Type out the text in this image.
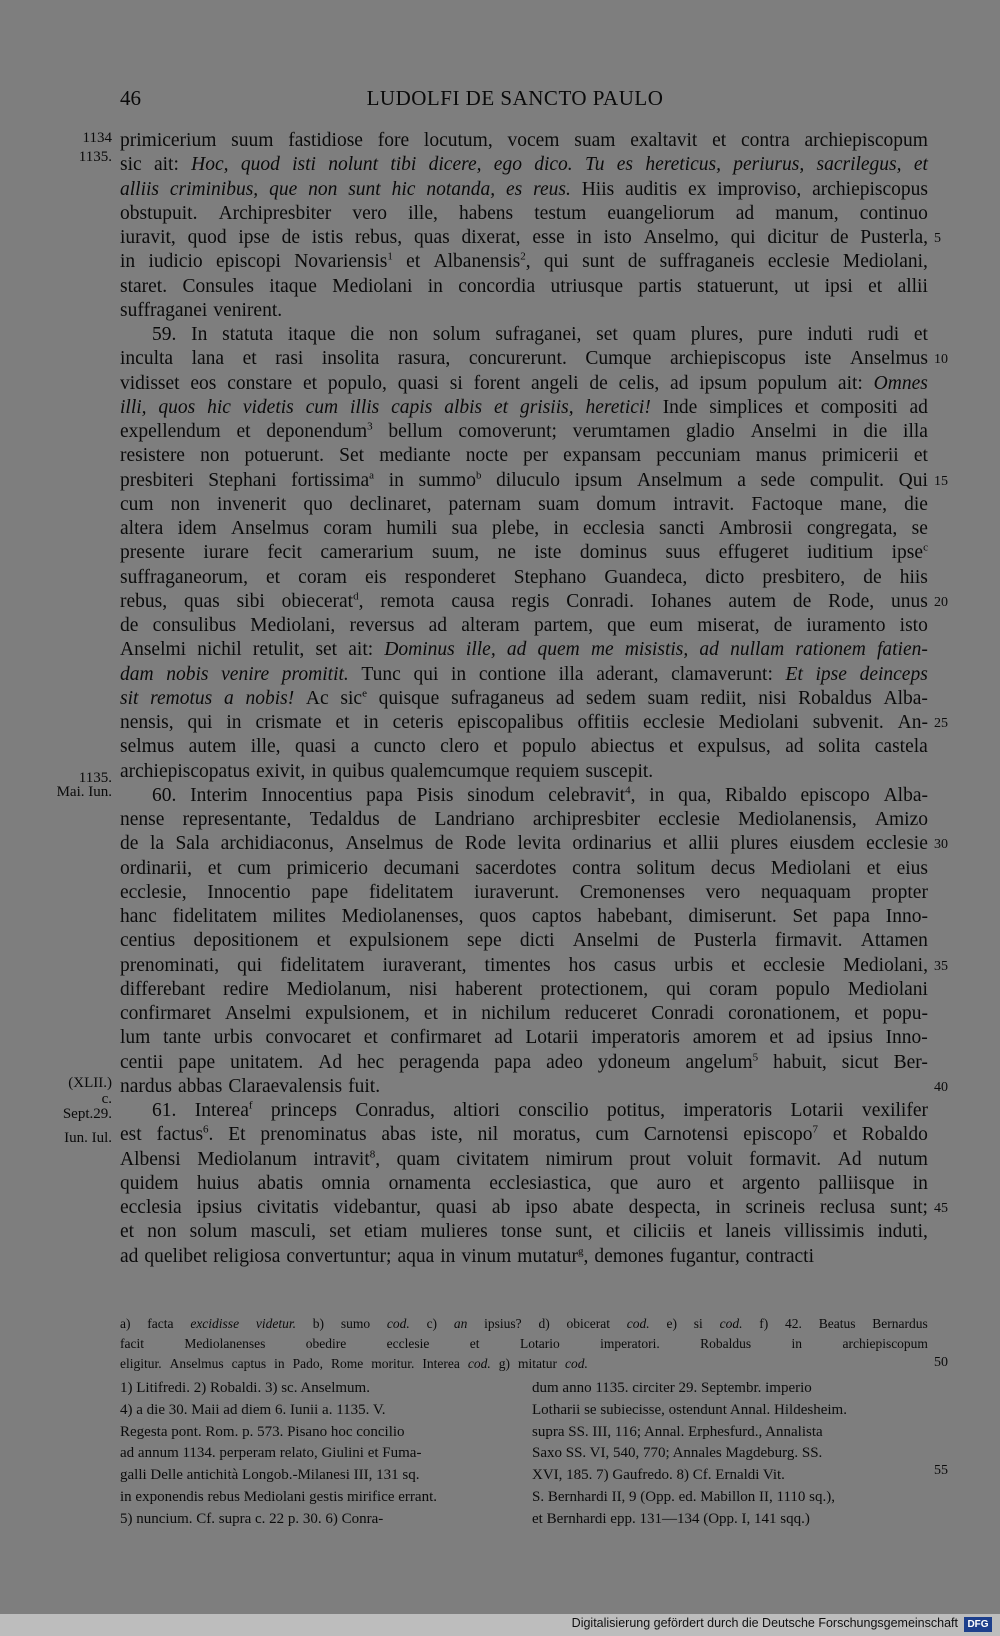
46	LUDOLFI DE SANCTO PAULO
primicerium suum fastidiose fore locutum, vocem suam exaltavit et contra archiepiscopum
sic ait: Hoc, quod isti nolunt tibi dicere, ego dico. Tu es hereticus, periurus, sacrilegus, et
alliis criminibus, que non sunt hic notanda, es reus. Hiis auditis ex improviso, archiepiscopus
obstupuit. Archipresbiter vero ille, habens testum euangeliorum ad manum, continuo
iuravit, quod ipse de istis rebus, quas dixerat, esse in isto Anselmo, qui dicitur de Pusterla,
in iudicio episcopi Novariensis$^1$ et Albanensis$^2$, qui sunt de suffraganeis ecclesie Mediolani,
staret. Consules itaque Mediolani in concordia utriusque partis statuerunt, ut ipsi et allii
suffraganei venirent.
59. In statuta itaque die non solum sufraganei, set quam plures, pure induti rudi et
inculta lana et rasi insolita rasura, concurerunt. Cumque archiepiscopus iste Anselmus
vidisset eos constare et populo, quasi si forent angeli de celis, ad ipsum populum ait: Omnes
illi, quos hic videtis cum illis capis albis et grisiis, heretici! Inde simplices et compositi ad
expellendum et deponendum$^3$ bellum comoverunt; verumtamen gladio Anselmi in die illa
resistere non potuerunt. Set mediante nocte per expansam peccuniam manus primicerii et
presbiteri Stephani fortissima$^a$ in summo$^b$ diluculo ipsum Anselmum a sede compulit. Qui
cum non invenerit quo declinaret, paternam suam domum intravit. Factoque mane, die
altera idem Anselmus coram humili sua plebe, in ecclesia sancti Ambrosii congregata, se
presente iurare fecit camerarium suum, ne iste dominus suus effugeret iuditium ipse$^c$
suffraganeorum, et coram eis responderet Stephano Guandeca, dicto presbitero, de hiis
rebus, quas sibi obiecerat$^d$, remota causa regis Conradi. Iohanes autem de Rode, unus
de consulibus Mediolani, reversus ad alteram partem, que eum miserat, de iuramento isto
Anselmi nichil retulit, set ait: Dominus ille, ad quem me misistis, ad nullam rationem fatien-
dam nobis venire promitit. Tunc qui in contione illa aderant, clamaverunt: Et ipse deinceps
sit remotus a nobis! Ac sic$^e$ quisque sufraganeus ad sedem suam rediit, nisi Robaldus Alba-
nensis, qui in crismate et in ceteris episcopalibus offitiis ecclesie Mediolani subvenit. An-
selmus autem ille, quasi a cuncto clero et populo abiectus et expulsus, ad solita castela
archiepiscopatus exivit, in quibus qualemcumque requiem suscepit.
60. Interim Innocentius papa Pisis sinodum celebravit$^4$, in qua, Ribaldo episcopo Alba-
nense representante, Tedaldus de Landriano archipresbiter ecclesie Mediolanensis, Amizo
de la Sala archidiaconus, Anselmus de Rode levita ordinarius et allii plures eiusdem ecclesie
ordinarii, et cum primicerio decumani sacerdotes contra solitum decus Mediolani et eius
ecclesie, Innocentio pape fidelitatem iuraverunt. Cremonenses vero nequaquam propter
hanc fidelitatem milites Mediolanenses, quos captos habebant, dimiserunt. Set papa Inno-
centius depositionem et expulsionem sepe dicti Anselmi de Pusterla firmavit. Attamen
prenominati, qui fidelitatem iuraverant, timentes hos casus urbis et ecclesie Mediolani,
differebant redire Mediolanum, nisi haberent protectionem, qui coram populo Mediolani
confirmaret Anselmi expulsionem, et in nichilum reduceret Conradi coronationem, et popu-
lum tante urbis convocaret et confirmaret ad Lotarii imperatoris amorem et ad ipsius Inno-
centii pape unitatem. Ad hec peragenda papa adeo ydoneum angelum$^5$ habuit, sicut Ber-
nardus abbas Claraevalensis fuit.
61. Interea$^f$ princeps Conradus, altiori conscilio potitus, imperatoris Lotarii vexilifer
est factus$^6$. Et prenominatus abas iste, nil moratus, cum Carnotensi episcopo$^7$ et Robaldo
Albensi Mediolanum intravit$^8$, quam civitatem nimirum prout voluit formavit. Ad nutum
quidem huius abatis omnia ornamenta ecclesiastica, que auro et argento palliisque in
ecclesia ipsius civitatis videbantur, quasi ab ipso abate despecta, in scrineis reclusa sunt;
et non solum masculi, set etiam mulieres tonse sunt, et ciliciis et laneis villissimis induti,
ad quelibet religiosa convertuntur; aqua in vinum mutatur$^g$, demones fugantur, contracti
1134
1135.
1135.
Mai. Iun.
(XLII.)
c. Sept.29.
Iun. Iul.
a) facta excidisse videtur. b) sumo cod. c) an ipsius? d) obicerat cod. e) si cod. f) 42. Beatus Bernardus
facit	Mediolanenses	obedire	ecclesie	et	Lotario	imperatori.	Robaldus	in	archiepiscopum
eligitur. Anselmus captus in Pado, Rome moritur. Interea cod. g) mitatur cod.
1) Litifredi. 2) Robaldi. 3) sc. Anselmum.
4) a die 30. Maii ad diem 6. Iunii a. 1135. V.
Regesta pont. Rom. p. 573. Pisano hoc concilio
ad annum 1134. perperam relato, Giulini et Fuma-
galli Delle antichità Longob.-Milanesi III, 131 sq.
in exponendis rebus Mediolani gestis mirifice errant.
5) nuncium. Cf. supra c. 22 p. 30. 6) Conra-
dum anno 1135. circiter 29. Septembr. imperio
Lotharii se subiecisse, ostendunt Annal. Hildesheim.
supra SS. III, 116; Annal. Erphesfurd., Annalista
Saxo SS. VI, 540, 770; Annales Magdeburg. SS.
XVI, 185. 7) Gaufredo. 8) Cf. Ernaldi Vit.
S. Bernhardi II, 9 (Opp. ed. Mabillon II, 1110 sq.),
et Bernhardi epp. 131—134 (Opp. I, 141 sqq.)
Digitalisierung gefördert durch die Deutsche Forschungsgemeinschaft DFG
5
10
15
20
25
30
35
40
45
50
55
